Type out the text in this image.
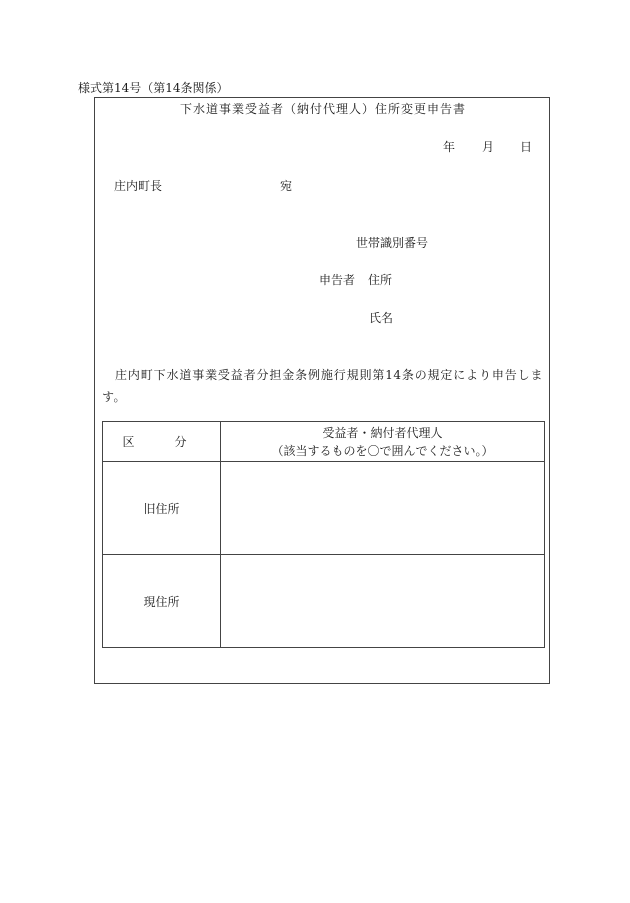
様式第14号（第14条関係）
下水道事業受益者（納付代理人）住所変更申告書
年 月 日
庄内町長	宛
世帯識別番号
申告者 住所
氏名
庄内町下水道事業受益者分担金条例施行規則第14条の規定により申告します。
区　分	受益者・納付者代理人
（該当するものを〇で囲んでください。）

旧住所	
現住所	
